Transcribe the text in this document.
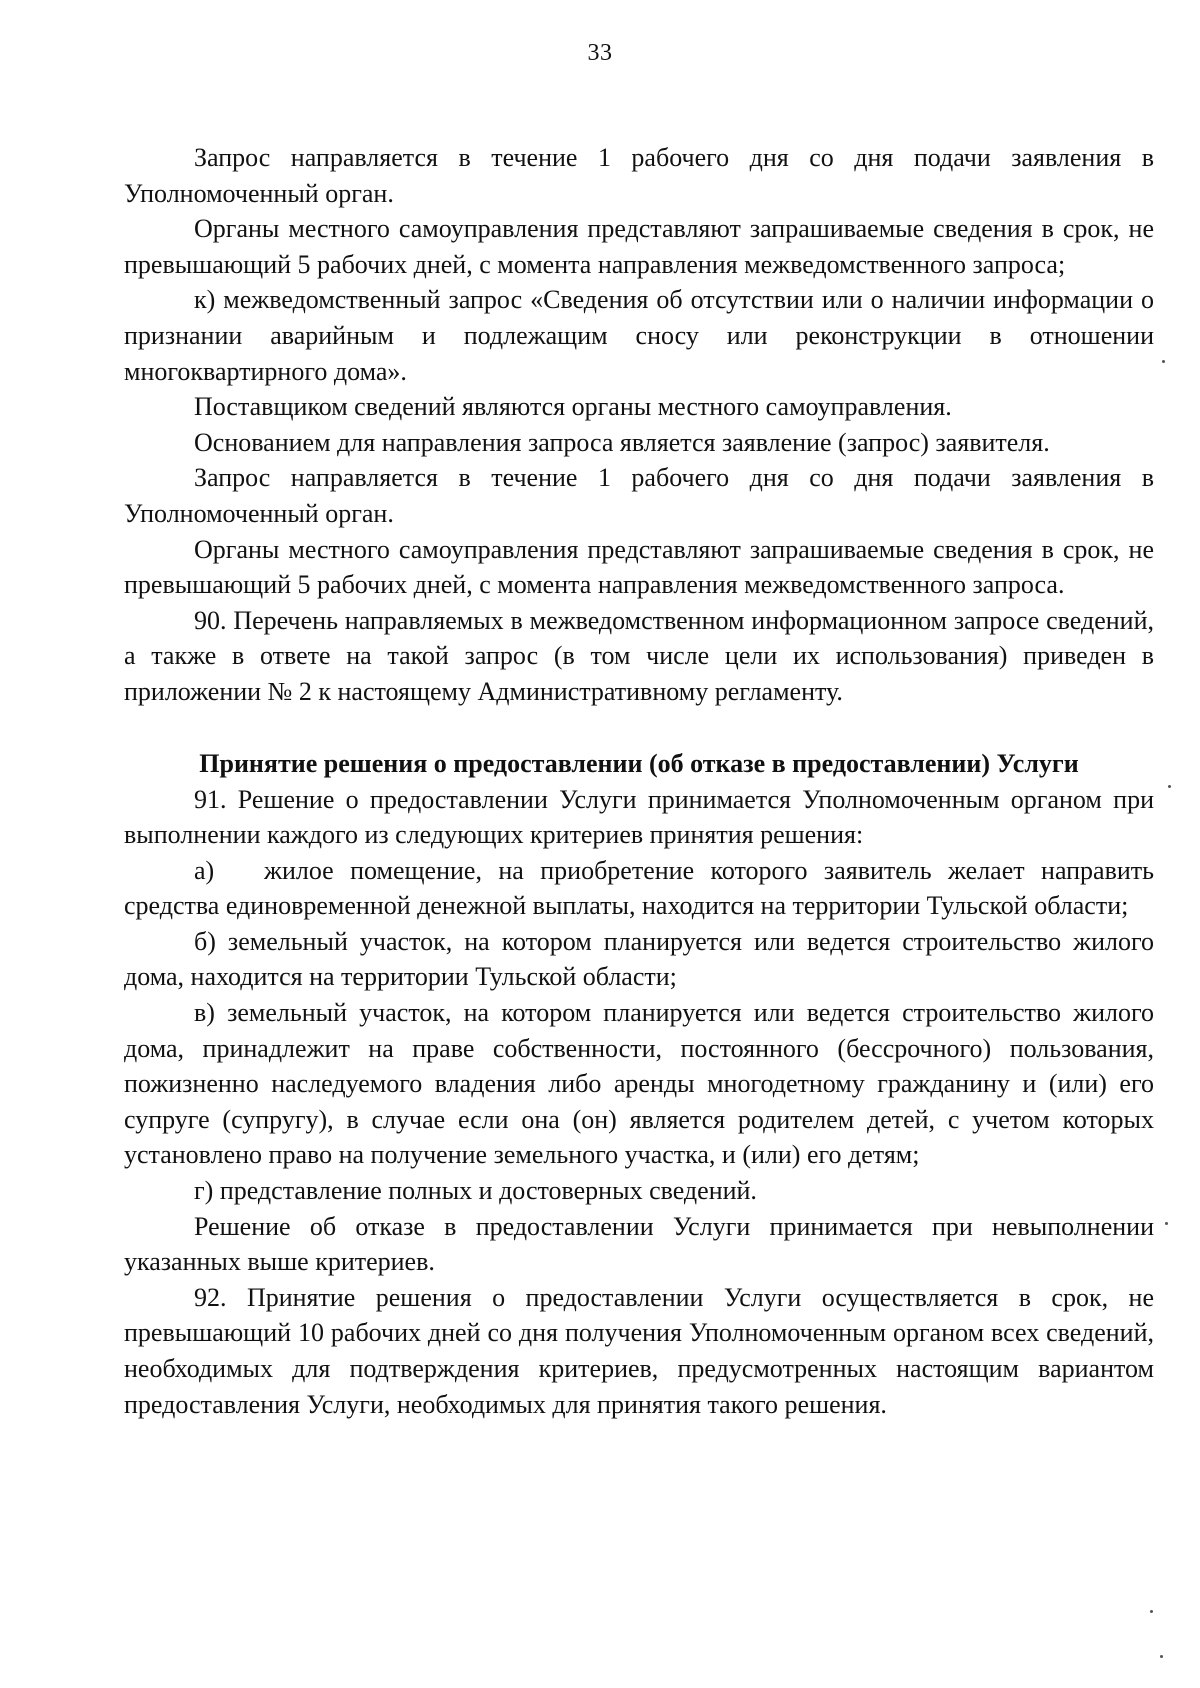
33

Запрос направляется в течение 1 рабочего дня со дня подачи заявления в Уполномоченный орган.

Органы местного самоуправления представляют запрашиваемые сведения в срок, не превышающий 5 рабочих дней, с момента направления межведомственного запроса;

к) межведомственный запрос «Сведения об отсутствии или о наличии информации о признании аварийным и подлежащим сносу или реконструкции в отношении многоквартирного дома».

Поставщиком сведений являются органы местного самоуправления.

Основанием для направления запроса является заявление (запрос) заявителя.

Запрос направляется в течение 1 рабочего дня со дня подачи заявления в Уполномоченный орган.

Органы местного самоуправления представляют запрашиваемые сведения в срок, не превышающий 5 рабочих дней, с момента направления межведомственного запроса.

90. Перечень направляемых в межведомственном информационном запросе сведений, а также в ответе на такой запрос (в том числе цели их использования) приведен в приложении № 2 к настоящему Административному регламенту.

Принятие решения о предоставлении (об отказе в предоставлении) Услуги

91. Решение о предоставлении Услуги принимается Уполномоченным органом при выполнении каждого из следующих критериев принятия решения:

а) жилое помещение, на приобретение которого заявитель желает направить средства единовременной денежной выплаты, находится на территории Тульской области;

б) земельный участок, на котором планируется или ведется строительство жилого дома, находится на территории Тульской области;

в) земельный участок, на котором планируется или ведется строительство жилого дома, принадлежит на праве собственности, постоянного (бессрочного) пользования, пожизненно наследуемого владения либо аренды многодетному гражданину и (или) его супруге (супругу), в случае если она (он) является родителем детей, с учетом которых установлено право на получение земельного участка, и (или) его детям;

г) представление полных и достоверных сведений.

Решение об отказе в предоставлении Услуги принимается при невыполнении указанных выше критериев.

92. Принятие решения о предоставлении Услуги осуществляется в срок, не превышающий 10 рабочих дней со дня получения Уполномоченным органом всех сведений, необходимых для подтверждения критериев, предусмотренных настоящим вариантом предоставления Услуги, необходимых для принятия такого решения.
